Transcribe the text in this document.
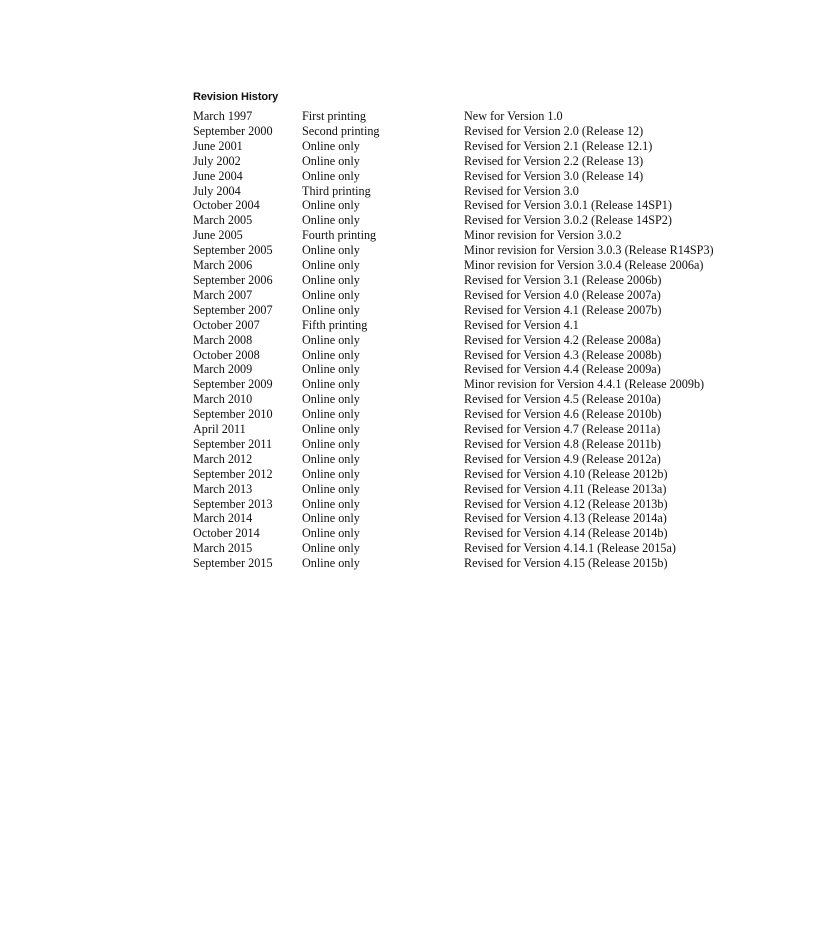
Revision History
March 1997	First printing	New for Version 1.0
September 2000	Second printing	Revised for Version 2.0 (Release 12)
June 2001	Online only	Revised for Version 2.1 (Release 12.1)
July 2002	Online only	Revised for Version 2.2 (Release 13)
June 2004	Online only	Revised for Version 3.0 (Release 14)
July 2004	Third printing	Revised for Version 3.0
October 2004	Online only	Revised for Version 3.0.1 (Release 14SP1)
March 2005	Online only	Revised for Version 3.0.2 (Release 14SP2)
June 2005	Fourth printing	Minor revision for Version 3.0.2
September 2005	Online only	Minor revision for Version 3.0.3 (Release R14SP3)
March 2006	Online only	Minor revision for Version 3.0.4 (Release 2006a)
September 2006	Online only	Revised for Version 3.1 (Release 2006b)
March 2007	Online only	Revised for Version 4.0 (Release 2007a)
September 2007	Online only	Revised for Version 4.1 (Release 2007b)
October 2007	Fifth printing	Revised for Version 4.1
March 2008	Online only	Revised for Version 4.2 (Release 2008a)
October 2008	Online only	Revised for Version 4.3 (Release 2008b)
March 2009	Online only	Revised for Version 4.4 (Release 2009a)
September 2009	Online only	Minor revision for Version 4.4.1 (Release 2009b)
March 2010	Online only	Revised for Version 4.5 (Release 2010a)
September 2010	Online only	Revised for Version 4.6 (Release 2010b)
April 2011	Online only	Revised for Version 4.7 (Release 2011a)
September 2011	Online only	Revised for Version 4.8 (Release 2011b)
March 2012	Online only	Revised for Version 4.9 (Release 2012a)
September 2012	Online only	Revised for Version 4.10 (Release 2012b)
March 2013	Online only	Revised for Version 4.11 (Release 2013a)
September 2013	Online only	Revised for Version 4.12 (Release 2013b)
March 2014	Online only	Revised for Version 4.13 (Release 2014a)
October 2014	Online only	Revised for Version 4.14 (Release 2014b)
March 2015	Online only	Revised for Version 4.14.1 (Release 2015a)
September 2015	Online only	Revised for Version 4.15 (Release 2015b)
